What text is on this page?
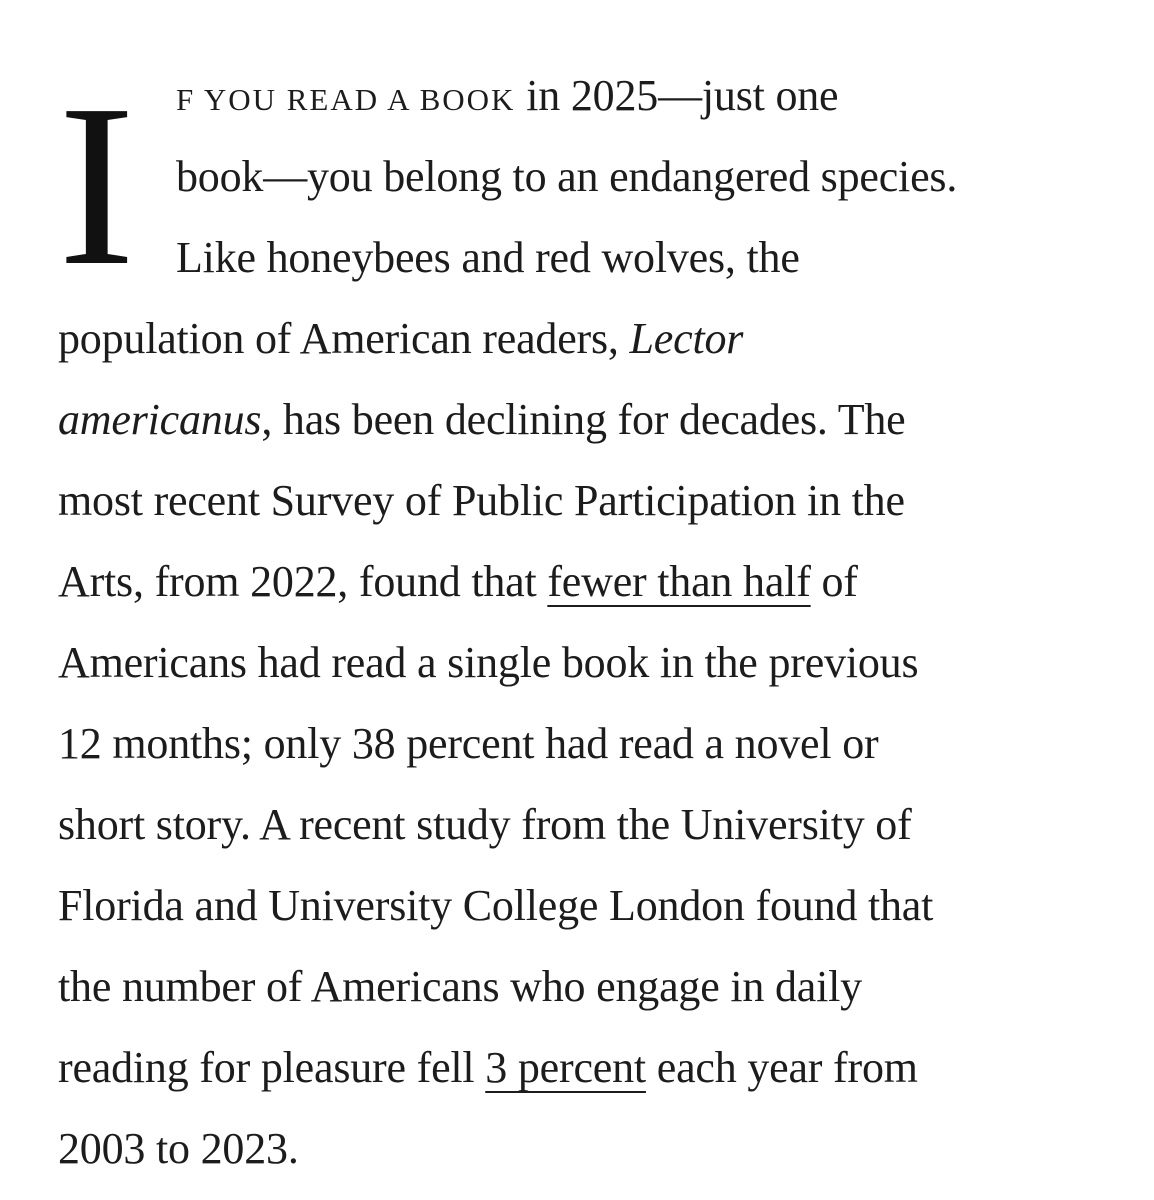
I F YOU READ A BOOK in 2025—just one
book—you belong to an endangered species.
Like honeybees and red wolves, the
population of American readers, Lector
americanus, has been declining for decades. The
most recent Survey of Public Participation in the
Arts, from 2022, found that fewer than half of
Americans had read a single book in the previous
12 months; only 38 percent had read a novel or
short story. A recent study from the University of
Florida and University College London found that
the number of Americans who engage in daily
reading for pleasure fell 3 percent each year from
2003 to 2023.
